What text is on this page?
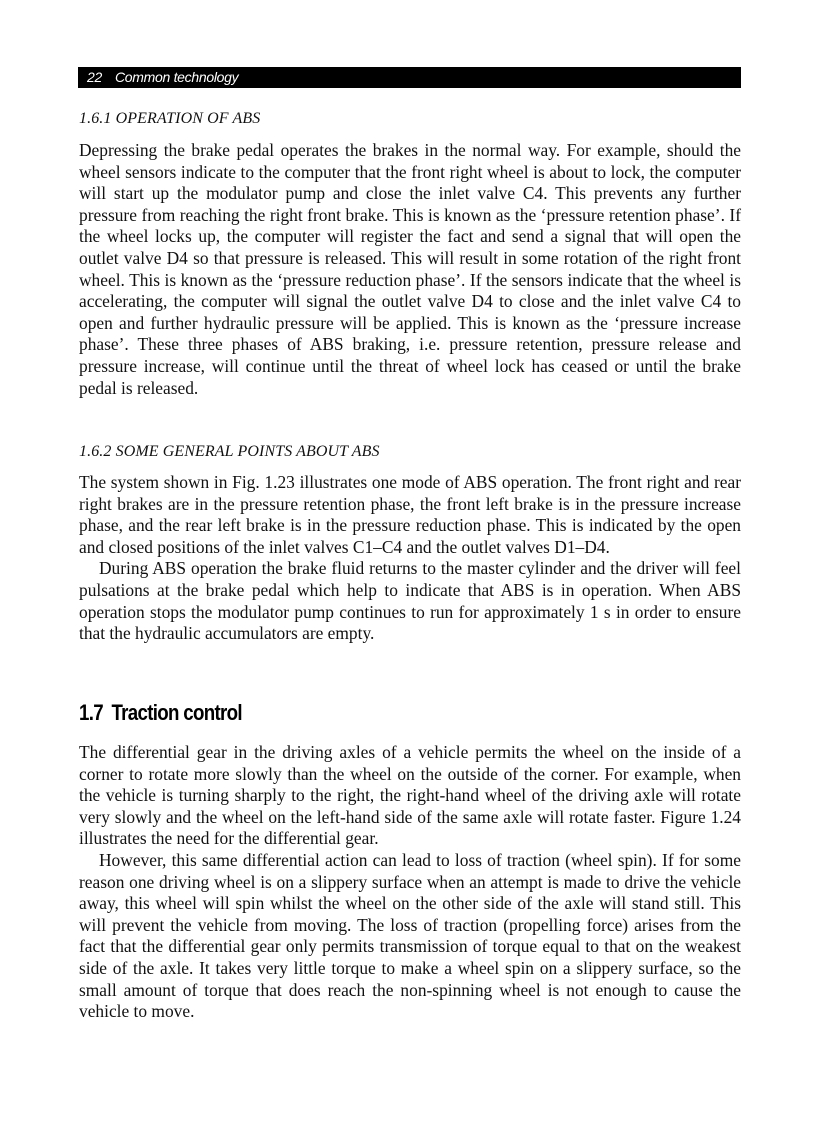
22 Common technology
1.6.1 OPERATION OF ABS

Depressing the brake pedal operates the brakes in the normal way. For example, should the wheel sensors indicate to the computer that the front right wheel is about to lock, the computer will start up the modulator pump and close the inlet valve C4. This prevents any further pressure from reaching the right front brake. This is known as the ‘pressure retention phase’. If the wheel locks up, the computer will register the fact and send a signal that will open the outlet valve D4 so that pressure is released. This will result in some rotation of the right front wheel. This is known as the ‘pressure reduction phase’. If the sensors indicate that the wheel is accelerating, the computer will signal the outlet valve D4 to close and the inlet valve C4 to open and further hydraulic pressure will be applied. This is known as the ‘pressure increase phase’. These three phases of ABS braking, i.e. pressure retention, pressure release and pressure increase, will continue until the threat of wheel lock has ceased or until the brake pedal is released.

1.6.2 SOME GENERAL POINTS ABOUT ABS

The system shown in Fig. 1.23 illustrates one mode of ABS operation. The front right and rear right brakes are in the pressure retention phase, the front left brake is in the pressure increase phase, and the rear left brake is in the pressure reduction phase. This is indicated by the open and closed positions of the inlet valves C1–C4 and the outlet valves D1–D4.

During ABS operation the brake fluid returns to the master cylinder and the driver will feel pulsations at the brake pedal which help to indicate that ABS is in operation. When ABS operation stops the modulator pump continues to run for approximately 1 s in order to ensure that the hydraulic accumulators are empty.

1.7 Traction control

The differential gear in the driving axles of a vehicle permits the wheel on the inside of a corner to rotate more slowly than the wheel on the outside of the corner. For example, when the vehicle is turning sharply to the right, the right-hand wheel of the driving axle will rotate very slowly and the wheel on the left-hand side of the same axle will rotate faster. Figure 1.24 illustrates the need for the differential gear.

However, this same differential action can lead to loss of traction (wheel spin). If for some reason one driving wheel is on a slippery surface when an attempt is made to drive the vehicle away, this wheel will spin whilst the wheel on the other side of the axle will stand still. This will prevent the vehicle from moving. The loss of traction (propelling force) arises from the fact that the differential gear only permits transmission of torque equal to that on the weakest side of the axle. It takes very little torque to make a wheel spin on a slippery surface, so the small amount of torque that does reach the non-spinning wheel is not enough to cause the vehicle to move.
